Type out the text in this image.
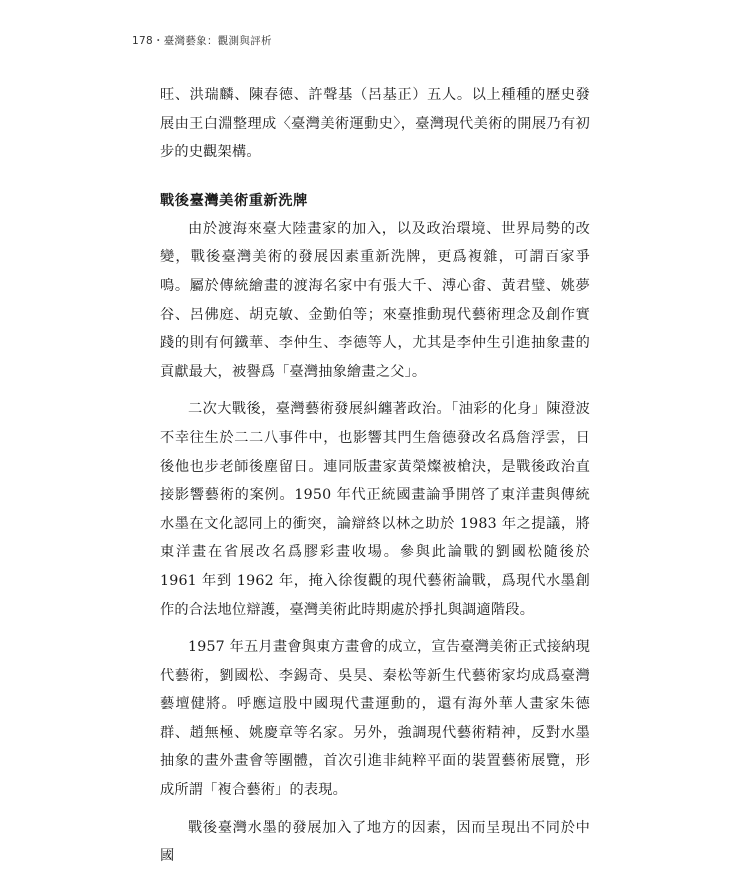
178・臺灣藝象：觀測與評析

旺、洪瑞麟、陳春德、許聲基（呂基正）五人。以上種種的歷史發展由王白淵整理成〈臺灣美術運動史〉，臺灣現代美術的開展乃有初步的史觀架構。

戰後臺灣美術重新洗牌

由於渡海來臺大陸畫家的加入，以及政治環境、世界局勢的改變，戰後臺灣美術的發展因素重新洗牌，更爲複雜，可謂百家爭鳴。屬於傳統繪畫的渡海名家中有張大千、溥心畬、黃君璧、姚夢谷、呂佛庭、胡克敏、金勤伯等；來臺推動現代藝術理念及創作實踐的則有何鐵華、李仲生、李德等人，尤其是李仲生引進抽象畫的貢獻最大，被譽爲「臺灣抽象繪畫之父」。

二次大戰後，臺灣藝術發展糾纏著政治。「油彩的化身」陳澄波不幸往生於二二八事件中，也影響其門生詹德發改名爲詹浮雲，日後他也步老師後塵留日。連同版畫家黃榮燦被槍決，是戰後政治直接影響藝術的案例。1950 年代正統國畫論爭開啓了東洋畫與傳統水墨在文化認同上的衝突，論辯終以林之助於 1983 年之提議，將東洋畫在省展改名爲膠彩畫收場。參與此論戰的劉國松隨後於 1961 年到 1962 年，掩入徐復觀的現代藝術論戰，爲現代水墨創作的合法地位辯護，臺灣美術此時期處於掙扎與調適階段。

1957 年五月畫會與東方畫會的成立，宣告臺灣美術正式接納現代藝術，劉國松、李錫奇、吳昊、秦松等新生代藝術家均成爲臺灣藝壇健將。呼應這股中國現代畫運動的，還有海外華人畫家朱德群、趙無極、姚慶章等名家。另外，強調現代藝術精神，反對水墨抽象的畫外畫會等團體，首次引進非純粹平面的裝置藝術展覽，形成所謂「複合藝術」的表現。

戰後臺灣水墨的發展加入了地方的因素，因而呈現出不同於中國
